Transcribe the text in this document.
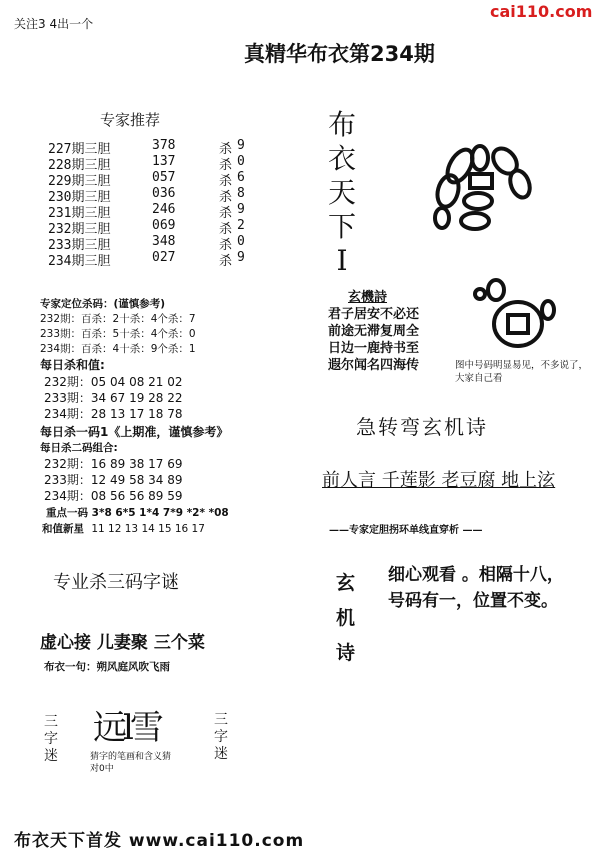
关注3 4出一个
cai110.com
真精华布衣第234期
专家推荐
227期三胆	378	杀 9
228期三胆	137	杀 0
229期三胆	057	杀 6
230期三胆	036	杀 8
231期三胆	246	杀 9
232期三胆	069	杀 2
233期三胆	348	杀 0
234期三胆	027	杀 9
专家定位杀码：(谨慎参考)
232期：百杀：2十杀：4个杀：7
233期：百杀：5十杀：4个杀：0
234期：百杀：4十杀：9个杀：1
每日杀和值:
232期：05 04 08 21 02
233期：34 67 19 28 22
234期：28 13 17 18 78
每日杀一码1《上期准，谨慎参考》
每日杀二码组合:
232期：16 89 38 17 69
233期：12 49 58 34 89
234期：08 56 56 89 59
重点一码 3*8 6*5 1*4 7*9 *2* *08
和值新星 11 12 13 14 15 16 17
布
衣
天
下
I
玄機詩
君子居安不必还
前途无滞复周全
日边一鹿持书至
遐尔闻名四海传	图中号码明显易见，不多说了，大家自己看
急转弯玄机诗
前人言 千莲影 老豆腐 地上泫
——专家定胆拐环单线直穿析 ——
玄
机
诗
细心观看 。相隔十八，
号码有一，位置不变。
专业杀三码字谜
虚心接 儿妻聚 三个菜
布衣一句：朔风庭风吹飞雨
三
字
迷
远l雪
猜字的笔画和含义猜
对0中
三
字
迷
布衣天下首发 www.cai110.com
